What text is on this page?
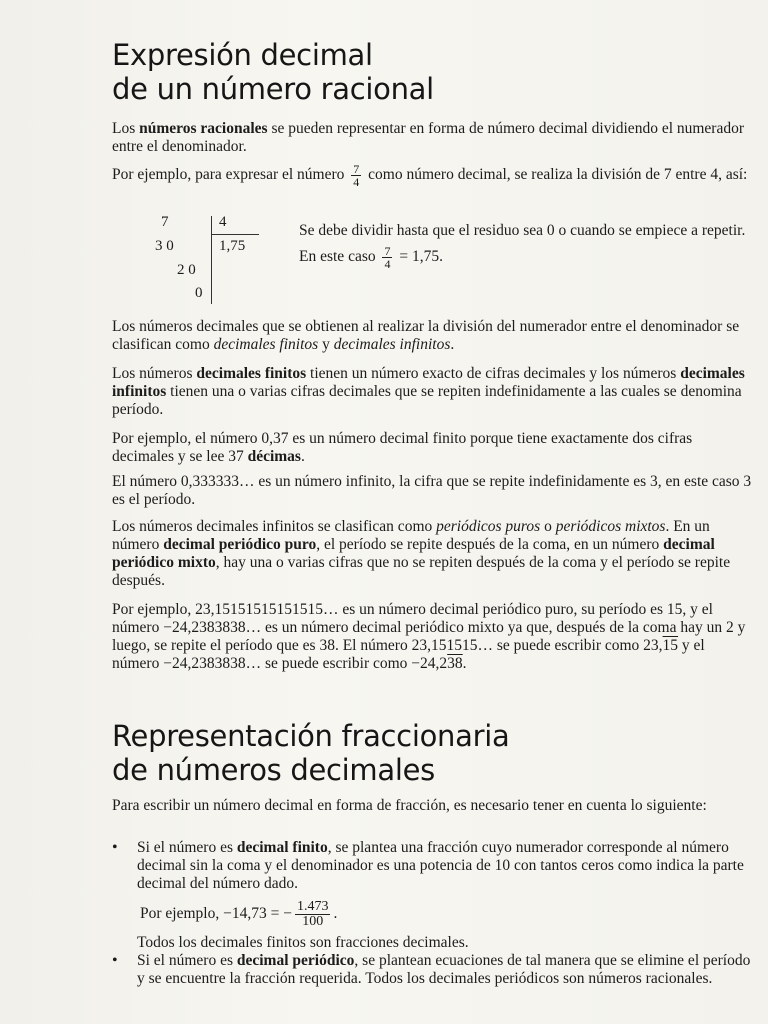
Expresión decimal
de un número racional

Los números racionales se pueden representar en forma de número decimal dividiendo el numerador entre el denominador.

Por ejemplo, para expresar el número $\frac{7}{4}$ como número decimal, se realiza la división de 7 entre 4, así:

7	4
3 0	1,75
2 0
0

Se debe dividir hasta que el residuo sea 0 o cuando se empiece a repetir. En este caso $\frac{7}{4} = 1,75$.

Los números decimales que se obtienen al realizar la división del numerador entre el denominador se clasifican como decimales finitos y decimales infinitos.

Los números decimales finitos tienen un número exacto de cifras decimales y los números decimales infinitos tienen una o varias cifras decimales que se repiten indefinidamente a las cuales se denomina período.

Por ejemplo, el número 0,37 es un número decimal finito porque tiene exactamente dos cifras decimales y se lee 37 décimas.

El número 0,333333… es un número infinito, la cifra que se repite indefinidamente es 3, en este caso 3 es el período.

Los números decimales infinitos se clasifican como periódicos puros o periódicos mixtos. En un número decimal periódico puro, el período se repite después de la coma, en un número decimal periódico mixto, hay una o varias cifras que no se repiten después de la coma y el período se repite después.

Por ejemplo, 23,15151515151515… es un número decimal periódico puro, su período es 15, y el número −24,2383838… es un número decimal periódico mixto ya que, después de la coma hay un 2 y luego, se repite el período que es 38. El número 23,151515… se puede escribir como 23,15 y el número −24,2383838… se puede escribir como −24,238.

Representación fraccionaria
de números decimales

Para escribir un número decimal en forma de fracción, es necesario tener en cuenta lo siguiente:

• Si el número es decimal finito, se plantea una fracción cuyo numerador corresponde al número decimal sin la coma y el denominador es una potencia de 10 con tantos ceros como indica la parte decimal del número dado.

Por ejemplo, −14,73 = − $\frac{1.473}{100}$ .

Todos los decimales finitos son fracciones decimales.

• Si el número es decimal periódico, se plantean ecuaciones de tal manera que se elimine el período y se encuentre la fracción requerida. Todos los decimales periódicos son números racionales.
